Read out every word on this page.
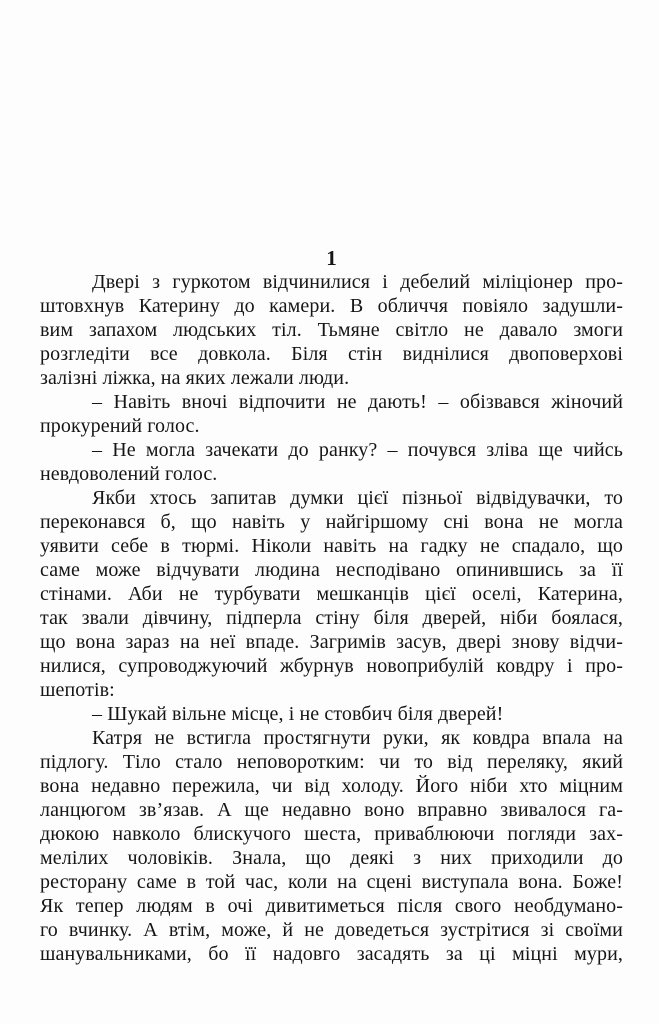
1

Двері з гуркотом відчинилися і дебелий міліціонер про-
штовхнув Катерину до камери. В обличчя повіяло задушли-
вим запахом людських тіл. Тьмяне світло не давало змоги
розгледіти все довкола. Біля стін виднілися двоповерхові
залізні ліжка, на яких лежали люди.

– Навіть вночі відпочити не дають! – обізвався жіночий
прокурений голос.

– Не могла зачекати до ранку? – почувся зліва ще чийсь
невдоволений голос.

Якби хтось запитав думки цієї пізньої відвідувачки, то
переконався б, що навіть у найгіршому сні вона не могла
уявити себе в тюрмі. Ніколи навіть на гадку не спадало, що
саме може відчувати людина несподівано опинившись за її
стінами. Аби не турбувати мешканців цієї оселі, Катерина,
так звали дівчину, підперла стіну біля дверей, ніби боялася,
що вона зараз на неї впаде. Загримів засув, двері знову відчи-
нилися, супроводжуючий жбурнув новоприбулій ковдру і про-
шепотів:

– Шукай вільне місце, і не стовбич біля дверей!

Катря не встигла простягнути руки, як ковдра впала на
підлогу. Тіло стало неповоротким: чи то від переляку, який
вона недавно пережила, чи від холоду. Його ніби хто міцним
ланцюгом зв’язав. А ще недавно воно вправно звивалося га-
дюкою навколо блискучого шеста, приваблюючи погляди зах-
мелілих чоловіків. Знала, що деякі з них приходили до
ресторану саме в той час, коли на сцені виступала вона. Боже!
Як тепер людям в очі дивитиметься після свого необдумано-
го вчинку. А втім, може, й не доведеться зустрітися зі своїми
шанувальниками, бо її надовго засадять за ці міцні мури,
